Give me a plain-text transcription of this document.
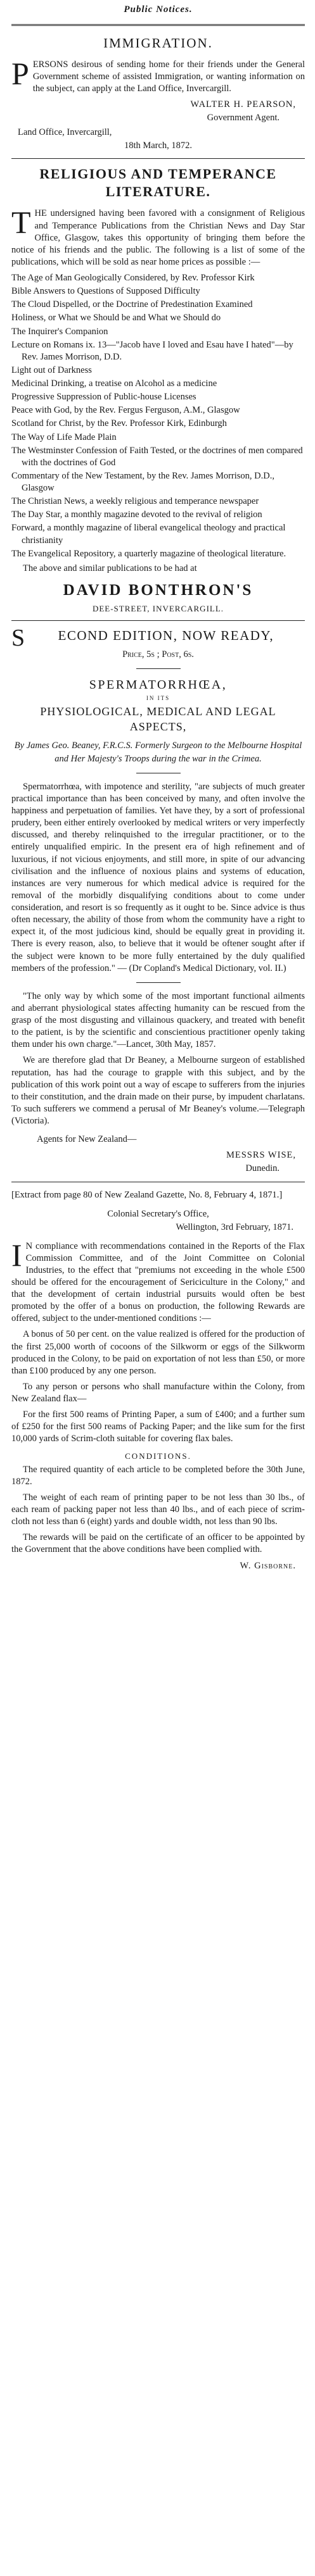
Public Notices.
IMMIGRATION.

PERSONS desirous of sending home for their friends under the General Government scheme of assisted Immigration, or wanting information on the subject, can apply at the Land Office, Invercargill.

WALTER H. PEARSON,
Government Agent.
Land Office, Invercargill,
18th March, 1872.
RELIGIOUS AND TEMPERANCE LITERATURE.

THE undersigned having been favored with a consignment of Religious and Temperance Publications from the Christian News and Day Star Office, Glasgow, takes this opportunity of bringing them before the notice of his friends and the public. The following is a list of some of the publications, which will be sold as near home prices as possible :—

The Age of Man Geologically Considered, by Rev. Professor Kirk

Bible Answers to Questions of Supposed Difficulty

The Cloud Dispelled, or the Doctrine of Predestination Examined

Holiness, or What we Should be and What we Should do

The Inquirer's Companion

Lecture on Romans ix. 13—"Jacob have I loved and Esau have I hated"—by Rev. James Morrison, D.D.

Light out of Darkness

Medicinal Drinking, a treatise on Alcohol as a medicine

Progressive Suppression of Public-house Licenses

Peace with God, by the Rev. Fergus Ferguson, A.M., Glasgow

Scotland for Christ, by the Rev. Professor Kirk, Edinburgh

The Way of Life Made Plain

The Westminster Confession of Faith Tested, or the doctrines of men compared with the doctrines of God

Commentary of the New Testament, by the Rev. James Morrison, D.D., Glasgow

The Christian News, a weekly religious and temperance newspaper

The Day Star, a monthly magazine devoted to the revival of religion

Forward, a monthly magazine of liberal evangelical theology and practical christianity

The Evangelical Repository, a quarterly magazine of theological literature.

The above and similar publications to be had at

DAVID BONTHRON'S
DEE-STREET, INVERCARGILL.
S ECOND EDITION, NOW READY,
Price, 5s ; Post, 6s.
SPERMATORRHŒA,
IN ITS
PHYSIOLOGICAL, MEDICAL AND LEGAL ASPECTS,
By James Geo. Beaney, F.R.C.S. Formerly Surgeon to the Melbourne Hospital and Her Majesty's Troops during the war in the Crimea.

Spermatorrhœa, with impotence and sterility, "are subjects of much greater practical importance than has been conceived by many, and often involve the happiness and perpetuation of families. Yet have they, by a sort of professional prudery, been either entirely overlooked by medical writers or very imperfectly discussed, and thereby relinquished to the irregular practitioner, or to the entirely unqualified empiric. In the present era of high refinement and of luxurious, if not vicious enjoyments, and still more, in spite of our advancing civilisation and the influence of noxious plains and systems of education, instances are very numerous for which medical advice is required for the removal of the morbidly disqualifying conditions about to come under consideration, and resort is so frequently as it ought to be. Since advice is thus often necessary, the ability of those from whom the community have a right to expect it, of the most judicious kind, should be equally great in providing it. There is every reason, also, to believe that it would be oftener sought after if the subject were known to be more fully entertained by the duly qualified members of the profession." — (Dr Copland's Medical Dictionary, vol. II.)

"The only way by which some of the most important functional ailments and aberrant physiological states affecting humanity can be rescued from the grasp of the most disgusting and villainous quackery, and treated with benefit to the patient, is by the scientific and conscientious practitioner openly taking them under his own charge."—Lancet, 30th May, 1857.

We are therefore glad that Dr Beaney, a Melbourne surgeon of established reputation, has had the courage to grapple with this subject, and by the publication of this work point out a way of escape to sufferers from the injuries to their constitution, and the drain made on their purse, by impudent charlatans. To such sufferers we commend a perusal of Mr Beaney's volume.—Telegraph (Victoria).

Agents for New Zealand—
MESSRS WISE,
Dunedin.

[Extract from page 80 of New Zealand Gazette, No. 8, February 4, 1871.]

Colonial Secretary's Office,
Wellington, 3rd February, 1871.

I N compliance with recommendations contained in the Reports of the Flax Commission Committee, and of the Joint Committee on Colonial Industries, to the effect that "premiums not exceeding in the whole £500 should be offered for the encouragement of Sericiculture in the Colony," and that the development of certain industrial pursuits would often be best promoted by the offer of a bonus on production, the following Rewards are offered, subject to the under-mentioned conditions :—

A bonus of 50 per cent. on the value realized is offered for the production of the first 25,000 worth of cocoons of the Silkworm or eggs of the Silkworm produced in the Colony, to be paid on exportation of not less than £50, or more than £100 produced by any one person.

To any person or persons who shall manufacture within the Colony, from New Zealand flax—

For the first 500 reams of Printing Paper, a sum of £400; and a further sum of £250 for the first 500 reams of Packing Paper; and the like sum for the first 10,000 yards of Scrim-cloth suitable for covering flax bales.

CONDITIONS.

The required quantity of each article to be completed before the 30th June, 1872.

The weight of each ream of printing paper to be not less than 30 lbs., of each ream of packing paper not less than 40 lbs., and of each piece of scrim-cloth not less than 6 (eight) yards and double width, not less than 90 lbs.

The rewards will be paid on the certificate of an officer to be appointed by the Government that the above conditions have been complied with.

W. Gisborne.
